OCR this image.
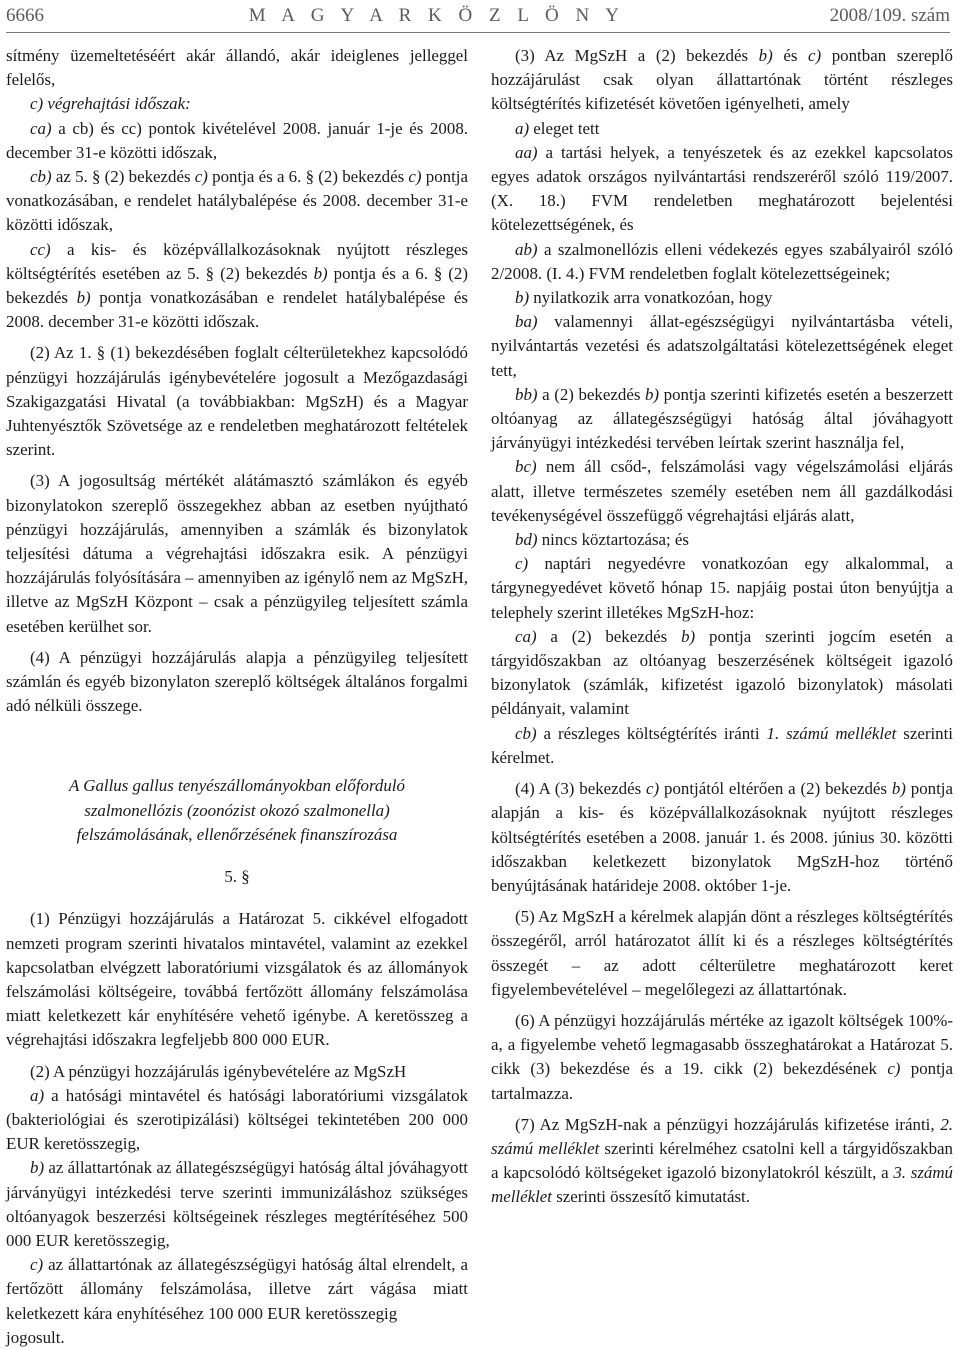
6666	M A G Y A R K Ö Z L Ö N Y	2008/109. szám

sítmény üzemeltetéséért akár állandó, akár ideiglenes jelleggel felelős,

c) végrehajtási időszak:

ca) a cb) és cc) pontok kivételével 2008. január 1-je és 2008. december 31-e közötti időszak,

cb) az 5. § (2) bekezdés c) pontja és a 6. § (2) bekezdés c) pontja vonatkozásában, e rendelet hatálybalépése és 2008. december 31-e közötti időszak,

cc) a kis- és középvállalkozásoknak nyújtott részleges költségtérítés esetében az 5. § (2) bekezdés b) pontja és a 6. § (2) bekezdés b) pontja vonatkozásában e rendelet hatálybalépése és 2008. december 31-e közötti időszak.

(2) Az 1. § (1) bekezdésében foglalt célterületekhez kapcsolódó pénzügyi hozzájárulás igénybevételére jogosult a Mezőgazdasági Szakigazgatási Hivatal (a továbbiakban: MgSzH) és a Magyar Juhtenyésztők Szövetsége az e rendeletben meghatározott feltételek szerint.

(3) A jogosultság mértékét alátámasztó számlákon és egyéb bizonylatokon szereplő összegekhez abban az esetben nyújtható pénzügyi hozzájárulás, amennyiben a számlák és bizonylatok teljesítési dátuma a végrehajtási időszakra esik. A pénzügyi hozzájárulás folyósítására – amennyiben az igénylő nem az MgSzH, illetve az MgSzH Központ – csak a pénzügyileg teljesített számla esetében kerülhet sor.

(4) A pénzügyi hozzájárulás alapja a pénzügyileg teljesített számlán és egyéb bizonylaton szereplő költségek általános forgalmi adó nélküli összege.

A Gallus gallus tenyészállományokban előforduló
szalmonellózis (zoonózist okozó szalmonella)
felszámolásának, ellenőrzésének finanszírozása

5. §

(1) Pénzügyi hozzájárulás a Határozat 5. cikkével elfogadott nemzeti program szerinti hivatalos mintavétel, valamint az ezekkel kapcsolatban elvégzett laboratóriumi vizsgálatok és az állományok felszámolási költségeire, továbbá fertőzött állomány felszámolása miatt keletkezett kár enyhítésére vehető igénybe. A keretösszeg a végrehajtási időszakra legfeljebb 800 000 EUR.

(2) A pénzügyi hozzájárulás igénybevételére az MgSzH

a) a hatósági mintavétel és hatósági laboratóriumi vizsgálatok (bakteriológiai és szerotipizálási) költségei tekintetében 200 000 EUR keretösszegig,

b) az állattartónak az állategészségügyi hatóság által jóváhagyott járványügyi intézkedési terve szerinti immunizáláshoz szükséges oltóanyagok beszerzési költségeinek részleges megtérítéséhez 500 000 EUR keretösszegig,

c) az állattartónak az állategészségügyi hatóság által elrendelt, a fertőzött állomány felszámolása, illetve zárt vágása miatt keletkezett kára enyhítéséhez 100 000 EUR keretösszegig

jogosult.

(3) Az MgSzH a (2) bekezdés b) és c) pontban szereplő hozzájárulást csak olyan állattartónak történt részleges költségtérítés kifizetését követően igényelheti, amely

a) eleget tett

aa) a tartási helyek, a tenyészetek és az ezekkel kapcsolatos egyes adatok országos nyilvántartási rendszeréről szóló 119/2007. (X. 18.) FVM rendeletben meghatározott bejelentési kötelezettségének, és

ab) a szalmonellózis elleni védekezés egyes szabályairól szóló 2/2008. (I. 4.) FVM rendeletben foglalt kötelezettségeinek;

b) nyilatkozik arra vonatkozóan, hogy

ba) valamennyi állat-egészségügyi nyilvántartásba vételi, nyilvántartás vezetési és adatszolgáltatási kötelezettségének eleget tett,

bb) a (2) bekezdés b) pontja szerinti kifizetés esetén a beszerzett oltóanyag az állategészségügyi hatóság által jóváhagyott járványügyi intézkedési tervében leírtak szerint használja fel,

bc) nem áll csőd-, felszámolási vagy végelszámolási eljárás alatt, illetve természetes személy esetében nem áll gazdálkodási tevékenységével összefüggő végrehajtási eljárás alatt,

bd) nincs köztartozása; és

c) naptári negyedévre vonatkozóan egy alkalommal, a tárgynegyedévet követő hónap 15. napjáig postai úton benyújtja a telephely szerint illetékes MgSzH-hoz:

ca) a (2) bekezdés b) pontja szerinti jogcím esetén a tárgyidőszakban az oltóanyag beszerzésének költségeit igazoló bizonylatok (számlák, kifizetést igazoló bizonylatok) másolati példányait, valamint

cb) a részleges költségtérítés iránti 1. számú melléklet szerinti kérelmet.

(4) A (3) bekezdés c) pontjától eltérően a (2) bekezdés b) pontja alapján a kis- és középvállalkozásoknak nyújtott részleges költségtérítés esetében a 2008. január 1. és 2008. június 30. közötti időszakban keletkezett bizonylatok MgSzH-hoz történő benyújtásának határideje 2008. október 1-je.

(5) Az MgSzH a kérelmek alapján dönt a részleges költségtérítés összegéről, arról határozatot állít ki és a részleges költségtérítés összegét – az adott célterületre meghatározott keret figyelembevételével – megelőlegezi az állattartónak.

(6) A pénzügyi hozzájárulás mértéke az igazolt költségek 100%-a, a figyelembe vehető legmagasabb összeghatárokat a Határozat 5. cikk (3) bekezdése és a 19. cikk (2) bekezdésének c) pontja tartalmazza.

(7) Az MgSzH-nak a pénzügyi hozzájárulás kifizetése iránti, 2. számú melléklet szerinti kérelméhez csatolni kell a tárgyidőszakban a kapcsolódó költségeket igazoló bizonylatokról készült, a 3. számú melléklet szerinti összesítő kimutatást.
